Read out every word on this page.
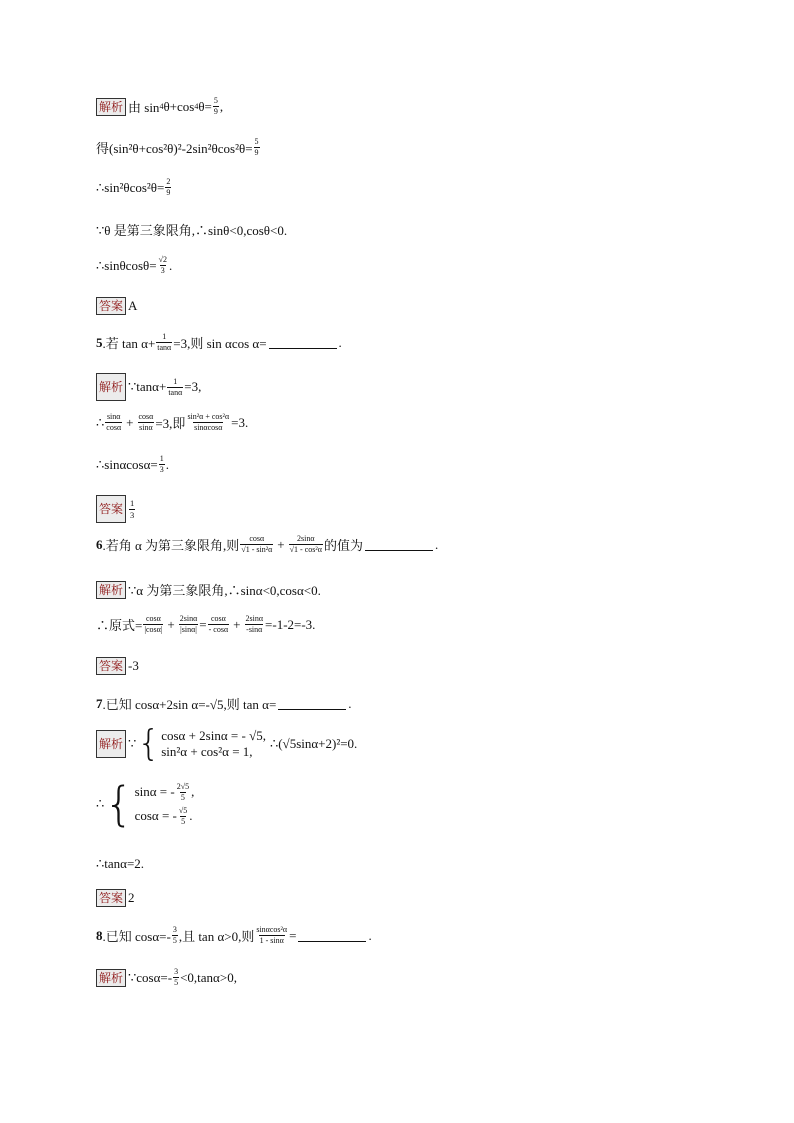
解析 由 sin 4 θ+cos 4 $\theta= \frac{5}{9}$ ,
得$(\sin^2\theta+\cos^2\theta)^2-2\sin^2\theta\cos^2\theta= \frac{5}{9}$
∴sin²θcos²θ= $\frac{2}{9}$
∵θ 是第三象限角,∴sinθ<0,cosθ<0.
∴sinθcosθ= $\frac{√2}{3}$ .
答案 A
5 .若 $\tan \alpha+ \frac{1}{\tan\alpha} =3$,则 sin αcos α=	.
解析 ∵tanα+ $\frac{1}{\tan\alpha} =3$,
∴ $\frac{\sin\alpha}{\cos\alpha} + \frac{\cos\alpha}{\sin\alpha} =3$,即 $\frac{\text{sin²α + cos²α}}{\sin\alpha\cos\alpha} =3$.
∴sinαcosα= $\frac{1}{3}$ .
答案 $\frac{1}{3}$
6 .若角 α 为第三象限角,则 $\frac{\cos\alpha}{\text{√1 - sin²α}} + \frac{2\sin\alpha}{\text{√1 - cos²α}}$ 的值为	.
解析 ∵α 为第三象限角,∴sinα<0,cosα<0.
∴原式= $\frac{\cos\alpha}{|\cos\alpha|} + \frac{2\sin\alpha}{|\sin\alpha|} = \frac{\cos\alpha}{- \cos\alpha} + \frac{2\sin\alpha}{-\sin\alpha} =-1-2=-3$.
答案 -3
7 .已知 cosα+2sin α=-√5,则 tan α=	.
解析 ∵ { cosα + 2sinα = - √5,
sin²α + cos²α = 1,
∴(√5sinα+2)²=0.
∴ { sinα = - $\frac{2√5}{5}$ ,
cosα = - $\frac{√5}{5}$ .
∴tanα=2.
答案 2
8 .已知 $\cos\alpha=- \frac{3}{5}$ ,且 tan α>0,则 $\frac{\text{sinαcos²α}}{1 - \sin\alpha}$ =	.
解析 ∵cosα=- $\frac{3}{5} <0,\tan\alpha>0$,
